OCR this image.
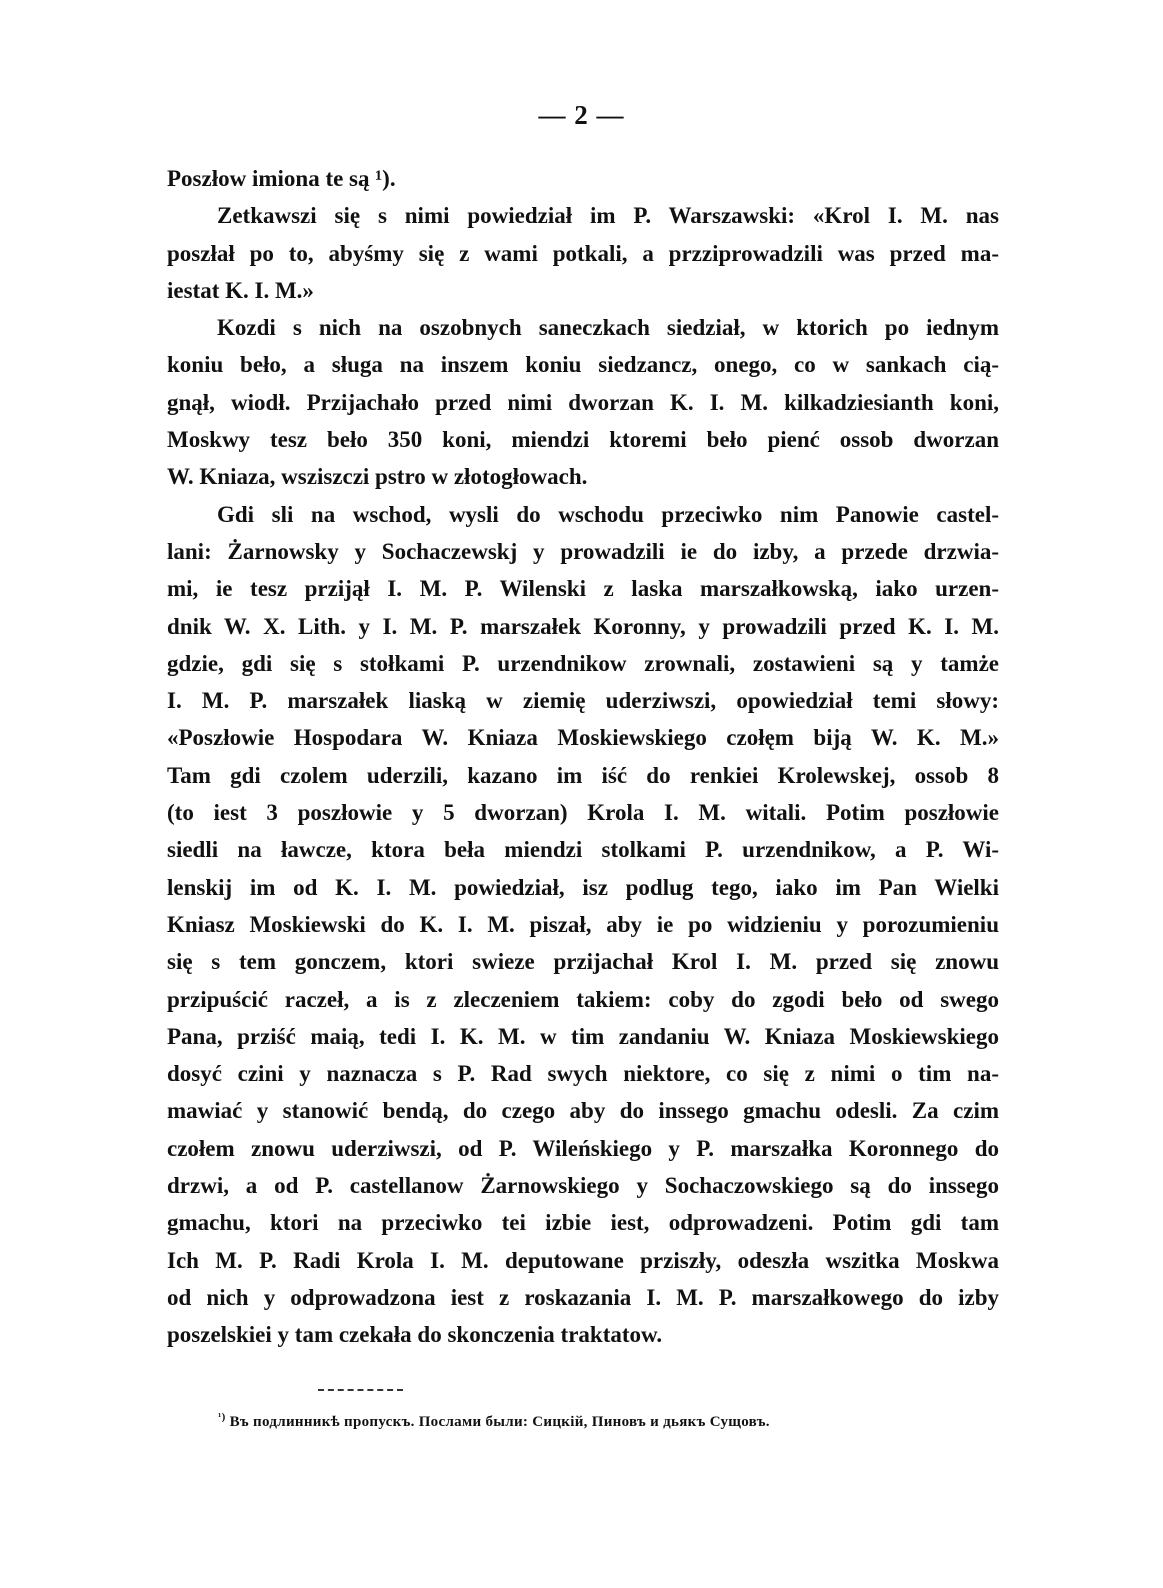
— 2 —
Poszłow imiona te są ¹).
Zetkawszi się s nimi powiedział im P. Warszawski: «Krol I. M. nas
poszłał po to, abyśmy się z wami potkali, a przziprowadzili was przed ma-
iestat K. I. M.»
Kozdi s nich na oszobnych saneczkach siedział, w ktorich po iednym
koniu beło, a sługa na inszem koniu siedzancz, onego, co w sankach cią-
gnął, wiodł. Przijachało przed nimi dworzan K. I. M. kilkadziesianth koni,
Moskwy tesz beło 350 koni, miendzi ktoremi beło pienć ossob dworzan
W. Kniaza, wsziszczi pstro w złotogłowach.
Gdi sli na wschod, wysli do wschodu przeciwko nim Panowie castel-
lani: Żarnowsky y Sochaczewskj y prowadzili ie do izby, a przede drzwia-
mi, ie tesz przijął I. M. P. Wilenski z laska marszałkowską, iako urzen-
dnik W. X. Lith. y I. M. P. marszałek Koronny, y prowadzili przed K. I. M.
gdzie, gdi się s stołkami P. urzendnikow zrownali, zostawieni są y tamże
I. M. P. marszałek liaską w ziemię uderziwszi, opowiedział temi słowy:
«Poszłowie Hospodara W. Kniaza Moskiewskiego czołęm biją W. K. M.»
Tam gdi czolem uderzili, kazano im iść do renkiei Krolewskej, ossob 8
(to iest 3 poszłowie y 5 dworzan) Krola I. M. witali. Potim poszłowie
siedli na ławcze, ktora beła miendzi stolkami P. urzendnikow, a P. Wi-
lenskij im od K. I. M. powiedział, isz podlug tego, iako im Pan Wielki
Kniasz Moskiewski do K. I. M. piszał, aby ie po widzieniu y porozumieniu
się s tem gonczem, ktori swieze przijachał Krol I. M. przed się znowu
przipuścić raczeł, a is z zleczeniem takiem: coby do zgodi beło od swego
Pana, prziść maią, tedi I. K. M. w tim zandaniu W. Kniaza Moskiewskiego
dosyć czini y naznacza s P. Rad swych niektore, co się z nimi o tim na-
mawiać y stanowić bendą, do czego aby do inssego gmachu odesli. Za czim
czołem znowu uderziwszi, od P. Wileńskiego y P. marszałka Koronnego do
drzwi, a od P. castellanow Żarnowskiego y Sochaczowskiego są do inssego
gmachu, ktori na przeciwko tei izbie iest, odprowadzeni. Potim gdi tam
Ich M. P. Radi Krola I. M. deputowane prziszły, odeszła wszitka Moskwa
od nich y odprowadzona iest z roskazania I. M. P. marszałkowego do izby
poszelskiei y tam czekała do skonczenia traktatow.
$^{^1)}$ Въ подлинникѣ пропускъ. Послами были: Сицкій, Пиновъ и дьякъ Сущовъ.
